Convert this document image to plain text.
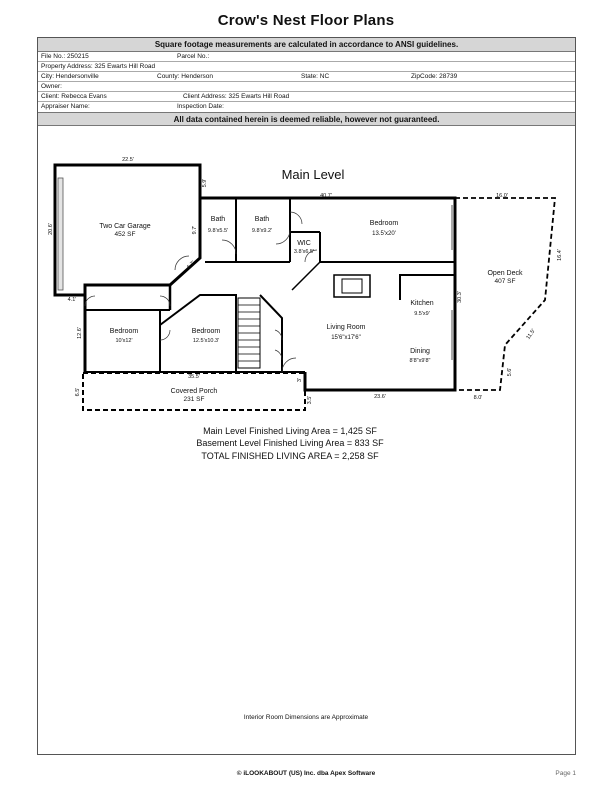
Crow's Nest Floor Plans
Square footage measurements are calculated in accordance to ANSI guidelines.
File No.: 250215	Parcel No.:
Property Address: 325 Ewarts Hill Road
City: Hendersonville	County: Henderson	State: NC	ZipCode: 28739
Owner:
Client: Rebecca Evans	Client Address: 325 Ewarts Hill Road
Appraiser Name:	Inspection Date:
All data contained herein is deemed reliable, however not guaranteed.
Main Level
Two Car Garage
452 SF
Bath
9.8'x5.5'
Bath
9.8'x9.2'
WIC
3.8'x6.5'
Bedroom
13.5'x20'
Open Deck
407 SF
Kitchen
9.5'x9'
Living Room
15'6"x17'6"
Dining
8'8"x9'8"
Bedroom
10'x12'
Bedroom
12.5'x10.3'
Covered Porch
231 SF
22.5'
20.6'
5.9'
6.7'
9.7'
40.7'	16.0'
16.4'
11.5'
5.6'
8.0'
30.3'
4.1'
12.6'
35.5'
6.5'
3'
3.5'	23.6'
Main Level Finished Living Area = 1,425 SF
Basement Level Finished Living Area = 833 SF
TOTAL FINISHED LIVING AREA = 2,258 SF
Interior Room Dimensions are Approximate
© iLOOKABOUT (US) Inc. dba Apex Software	Page 1
